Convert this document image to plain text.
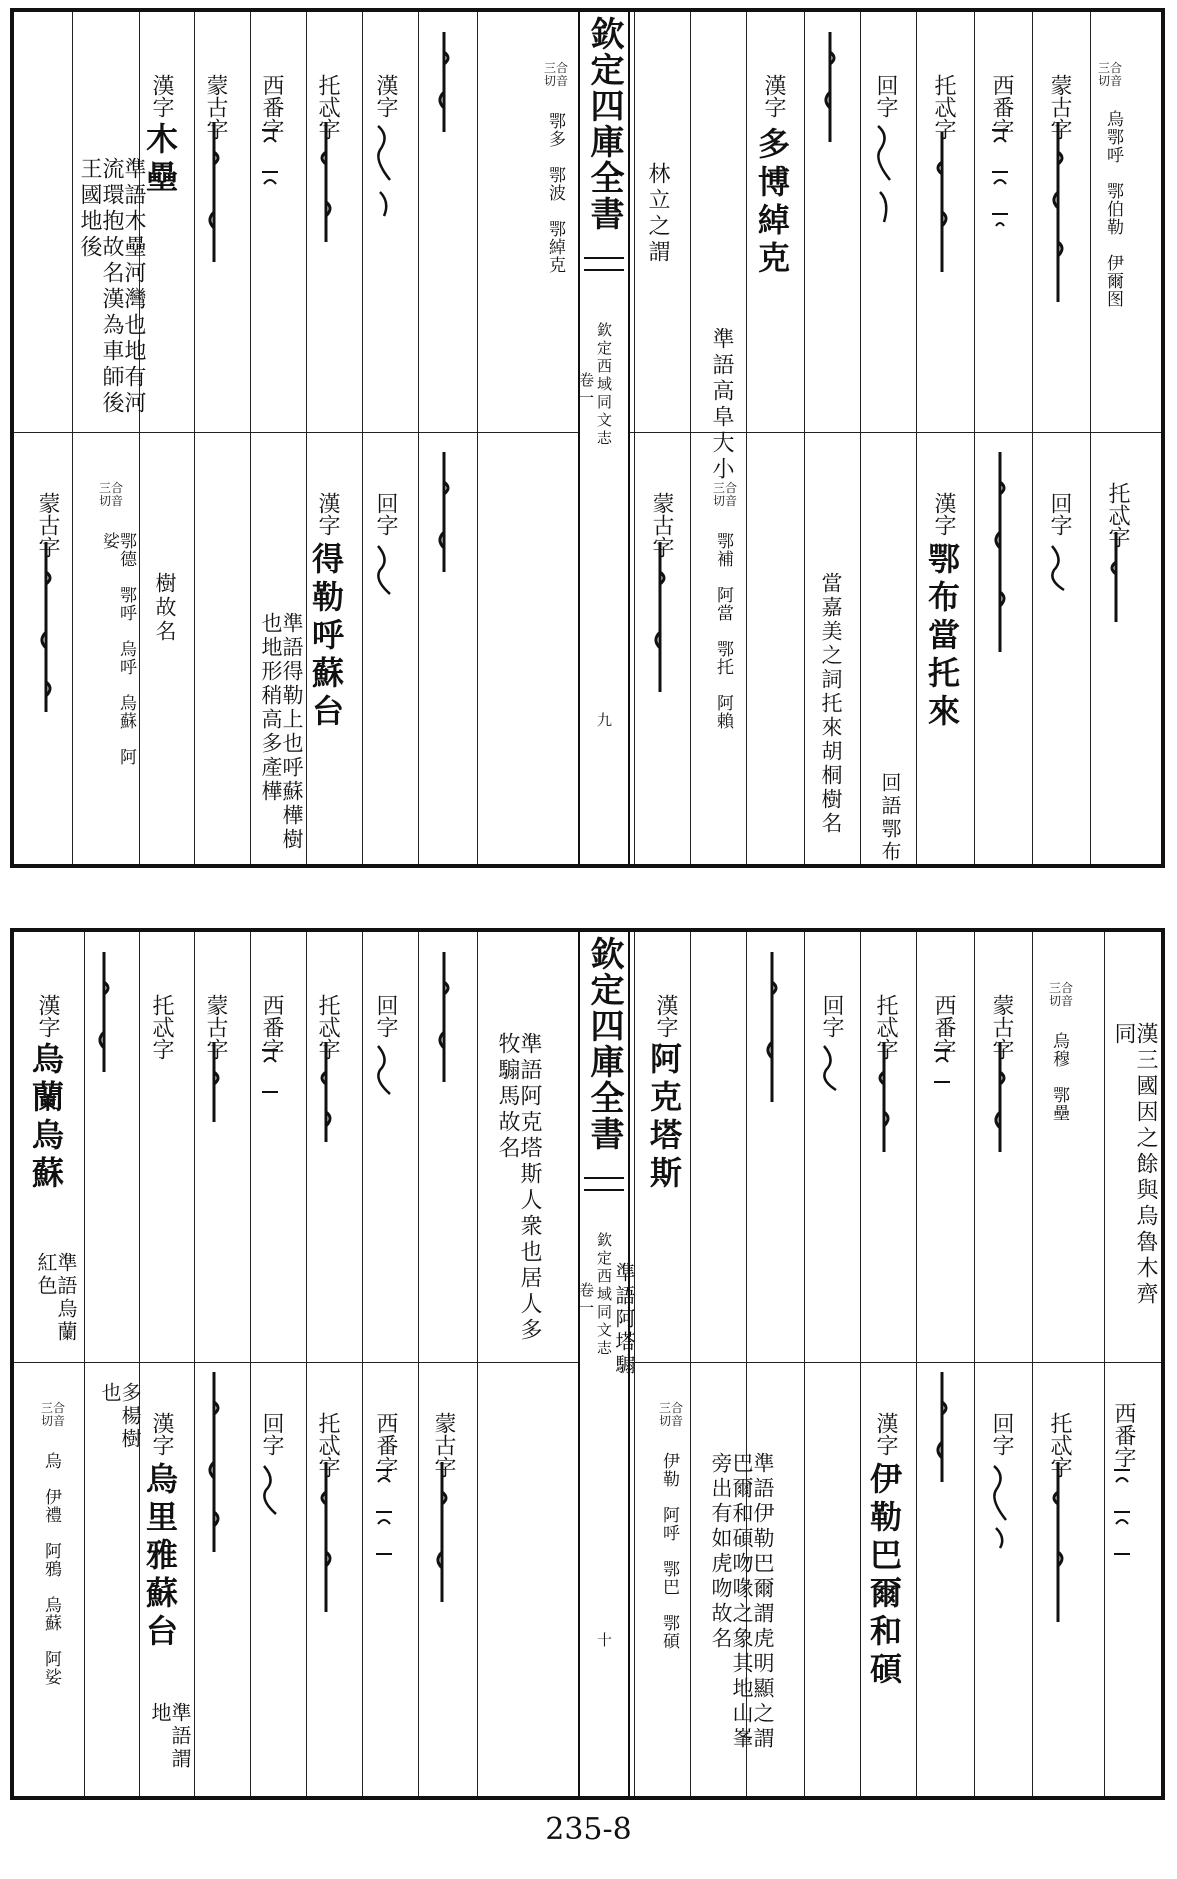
欽定四庫全書
欽定西域同文志
卷一
九
三合切音
烏鄂呼　鄂伯勒　伊爾图
蒙古字
西番字
托忒字
回字
漢字
多博綽克
準語高阜大小
林立之謂
三合切音
鄂多　鄂波　鄂綽克
托忒字
回字
漢字
鄂布當托來
回語鄂布
當嘉美之詞托來胡桐樹名
三合切音
鄂補　阿當　鄂托　阿賴
蒙古字
漢字
托忒字
西番字
蒙古字
漢字
木壘
準語木壘河灣也地有河流環抱故名漢為車師後王國地後
回字
漢字
得勒呼蘇台
準語得勒上也呼蘇樺樹也地形稍高多產樺
樹故名
三合切音
鄂德　鄂呼　烏呼　烏蘇　阿娑
蒙古字
欽定四庫全書
欽定西域同文志
卷一
十
漢三國因之餘與烏魯木齊同
三合切音
烏穆　鄂壘
蒙古字
西番字
托忒字
回字
漢字
阿克塔斯
準語阿塔騸
準語阿克塔斯人衆也居人多牧騸馬故名
西番字
托忒字
回字
漢字
伊勒巴爾和碩
準語伊勒巴爾謂虎明顯之謂巴爾和碩吻喙之象其地山峯旁出有如虎吻故名
三合切音
伊勒　阿呼　鄂巴　鄂碩
回字
托忒字
西番字
蒙古字
托忒字
漢字
烏蘭烏蘇
準語烏蘭紅色
蒙古字
西番字
托忒字
回字
漢字
烏里雅蘇台
準語謂地
多楊樹也
三合切音
烏　伊禮　阿鴉　烏蘇　阿娑
235-8
